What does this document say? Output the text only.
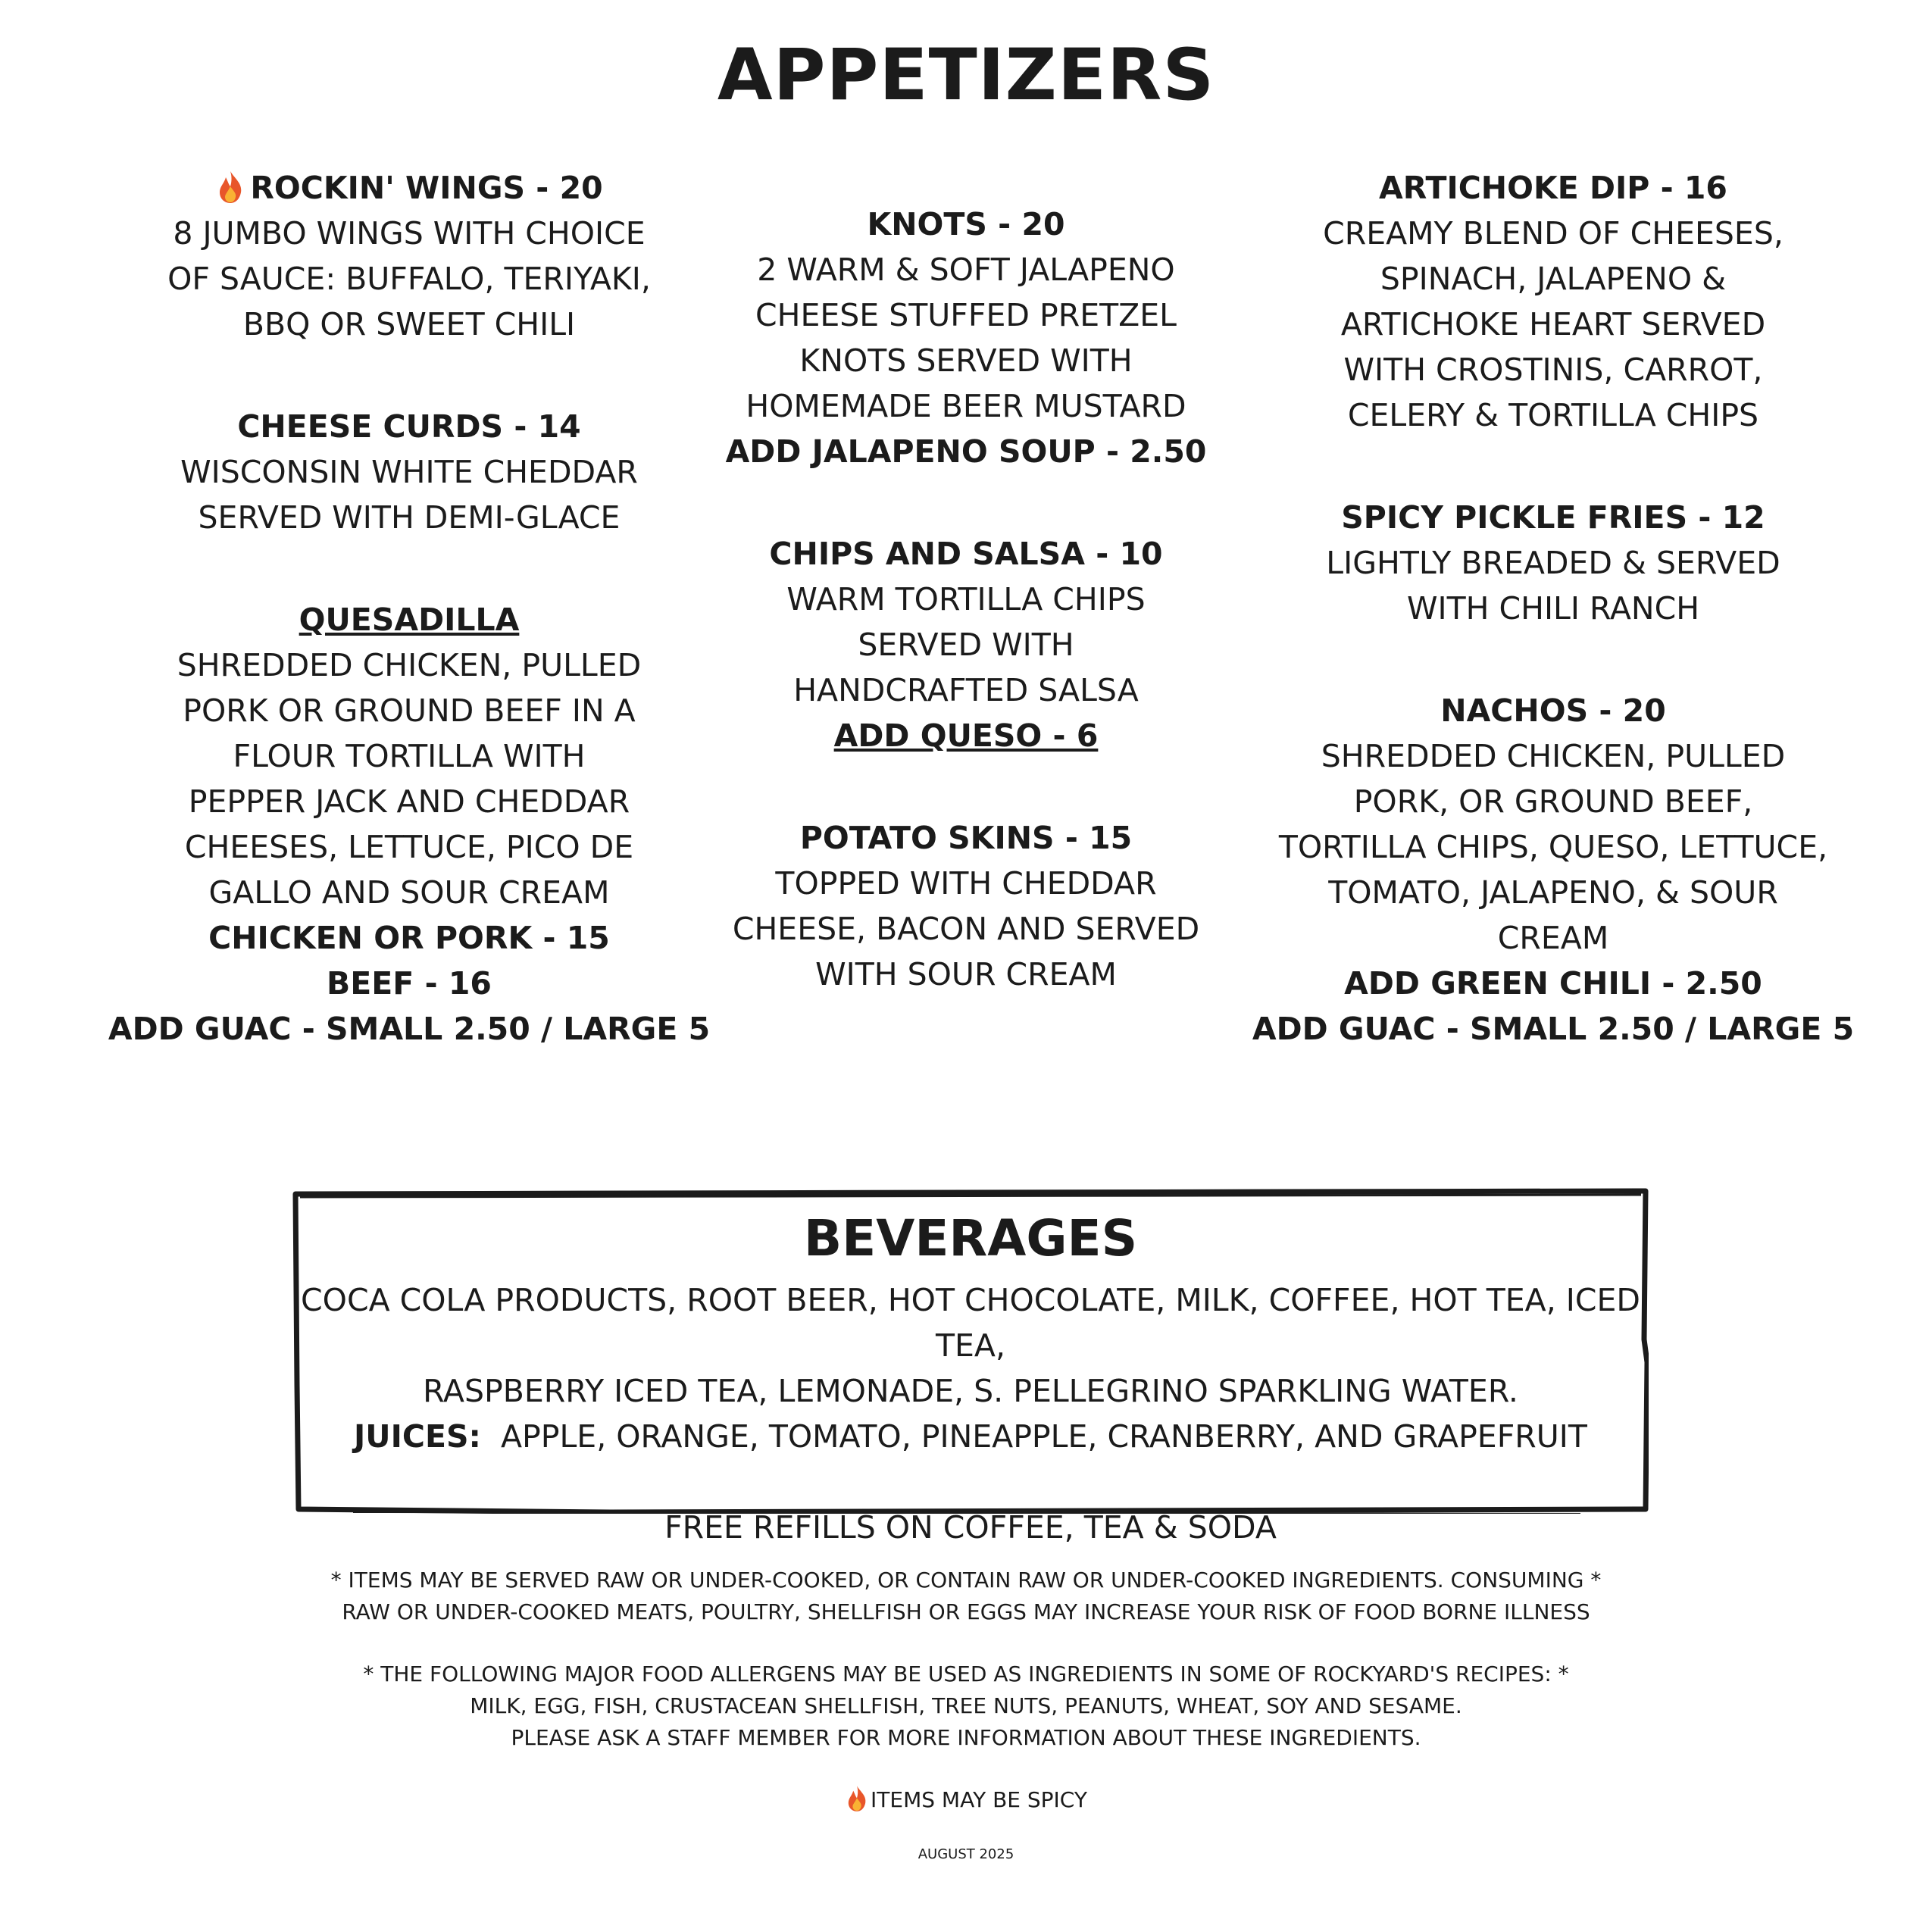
APPETIZERS
ROCKIN' WINGS - 20
8 JUMBO WINGS WITH CHOICE
OF SAUCE: BUFFALO, TERIYAKI,
BBQ OR SWEET CHILI
CHEESE CURDS - 14
WISCONSIN WHITE CHEDDAR
SERVED WITH DEMI-GLACE
QUESADILLA
SHREDDED CHICKEN, PULLED
PORK OR GROUND BEEF IN A
FLOUR TORTILLA WITH
PEPPER JACK AND CHEDDAR
CHEESES, LETTUCE, PICO DE
GALLO AND SOUR CREAM
CHICKEN OR PORK - 15
BEEF - 16
ADD GUAC - SMALL 2.50 / LARGE 5
KNOTS - 20
2 WARM & SOFT JALAPENO
CHEESE STUFFED PRETZEL
KNOTS SERVED WITH
HOMEMADE BEER MUSTARD
ADD JALAPENO SOUP - 2.50
CHIPS AND SALSA - 10
WARM TORTILLA CHIPS
SERVED WITH
HANDCRAFTED SALSA
ADD QUESO - 6
POTATO SKINS - 15
TOPPED WITH CHEDDAR
CHEESE, BACON AND SERVED
WITH SOUR CREAM
ARTICHOKE DIP - 16
CREAMY BLEND OF CHEESES,
SPINACH, JALAPENO &
ARTICHOKE HEART SERVED
WITH CROSTINIS, CARROT,
CELERY & TORTILLA CHIPS
SPICY PICKLE FRIES - 12
LIGHTLY BREADED & SERVED
WITH CHILI RANCH
NACHOS - 20
SHREDDED CHICKEN, PULLED
PORK, OR GROUND BEEF,
TORTILLA CHIPS, QUESO, LETTUCE,
TOMATO, JALAPENO, & SOUR
CREAM
ADD GREEN CHILI - 2.50
ADD GUAC - SMALL 2.50 / LARGE 5
BEVERAGES
COCA COLA PRODUCTS, ROOT BEER, HOT CHOCOLATE, MILK, COFFEE, HOT TEA, ICED TEA,
RASPBERRY ICED TEA, LEMONADE, S. PELLEGRINO SPARKLING WATER.
JUICES: APPLE, ORANGE, TOMATO, PINEAPPLE, CRANBERRY, AND GRAPEFRUIT
FREE REFILLS ON COFFEE, TEA & SODA
* ITEMS MAY BE SERVED RAW OR UNDER-COOKED, OR CONTAIN RAW OR UNDER-COOKED INGREDIENTS. CONSUMING *
RAW OR UNDER-COOKED MEATS, POULTRY, SHELLFISH OR EGGS MAY INCREASE YOUR RISK OF FOOD BORNE ILLNESS
* THE FOLLOWING MAJOR FOOD ALLERGENS MAY BE USED AS INGREDIENTS IN SOME OF ROCKYARD'S RECIPES: *
MILK, EGG, FISH, CRUSTACEAN SHELLFISH, TREE NUTS, PEANUTS, WHEAT, SOY AND SESAME.
PLEASE ASK A STAFF MEMBER FOR MORE INFORMATION ABOUT THESE INGREDIENTS.
ITEMS MAY BE SPICY
AUGUST 2025
